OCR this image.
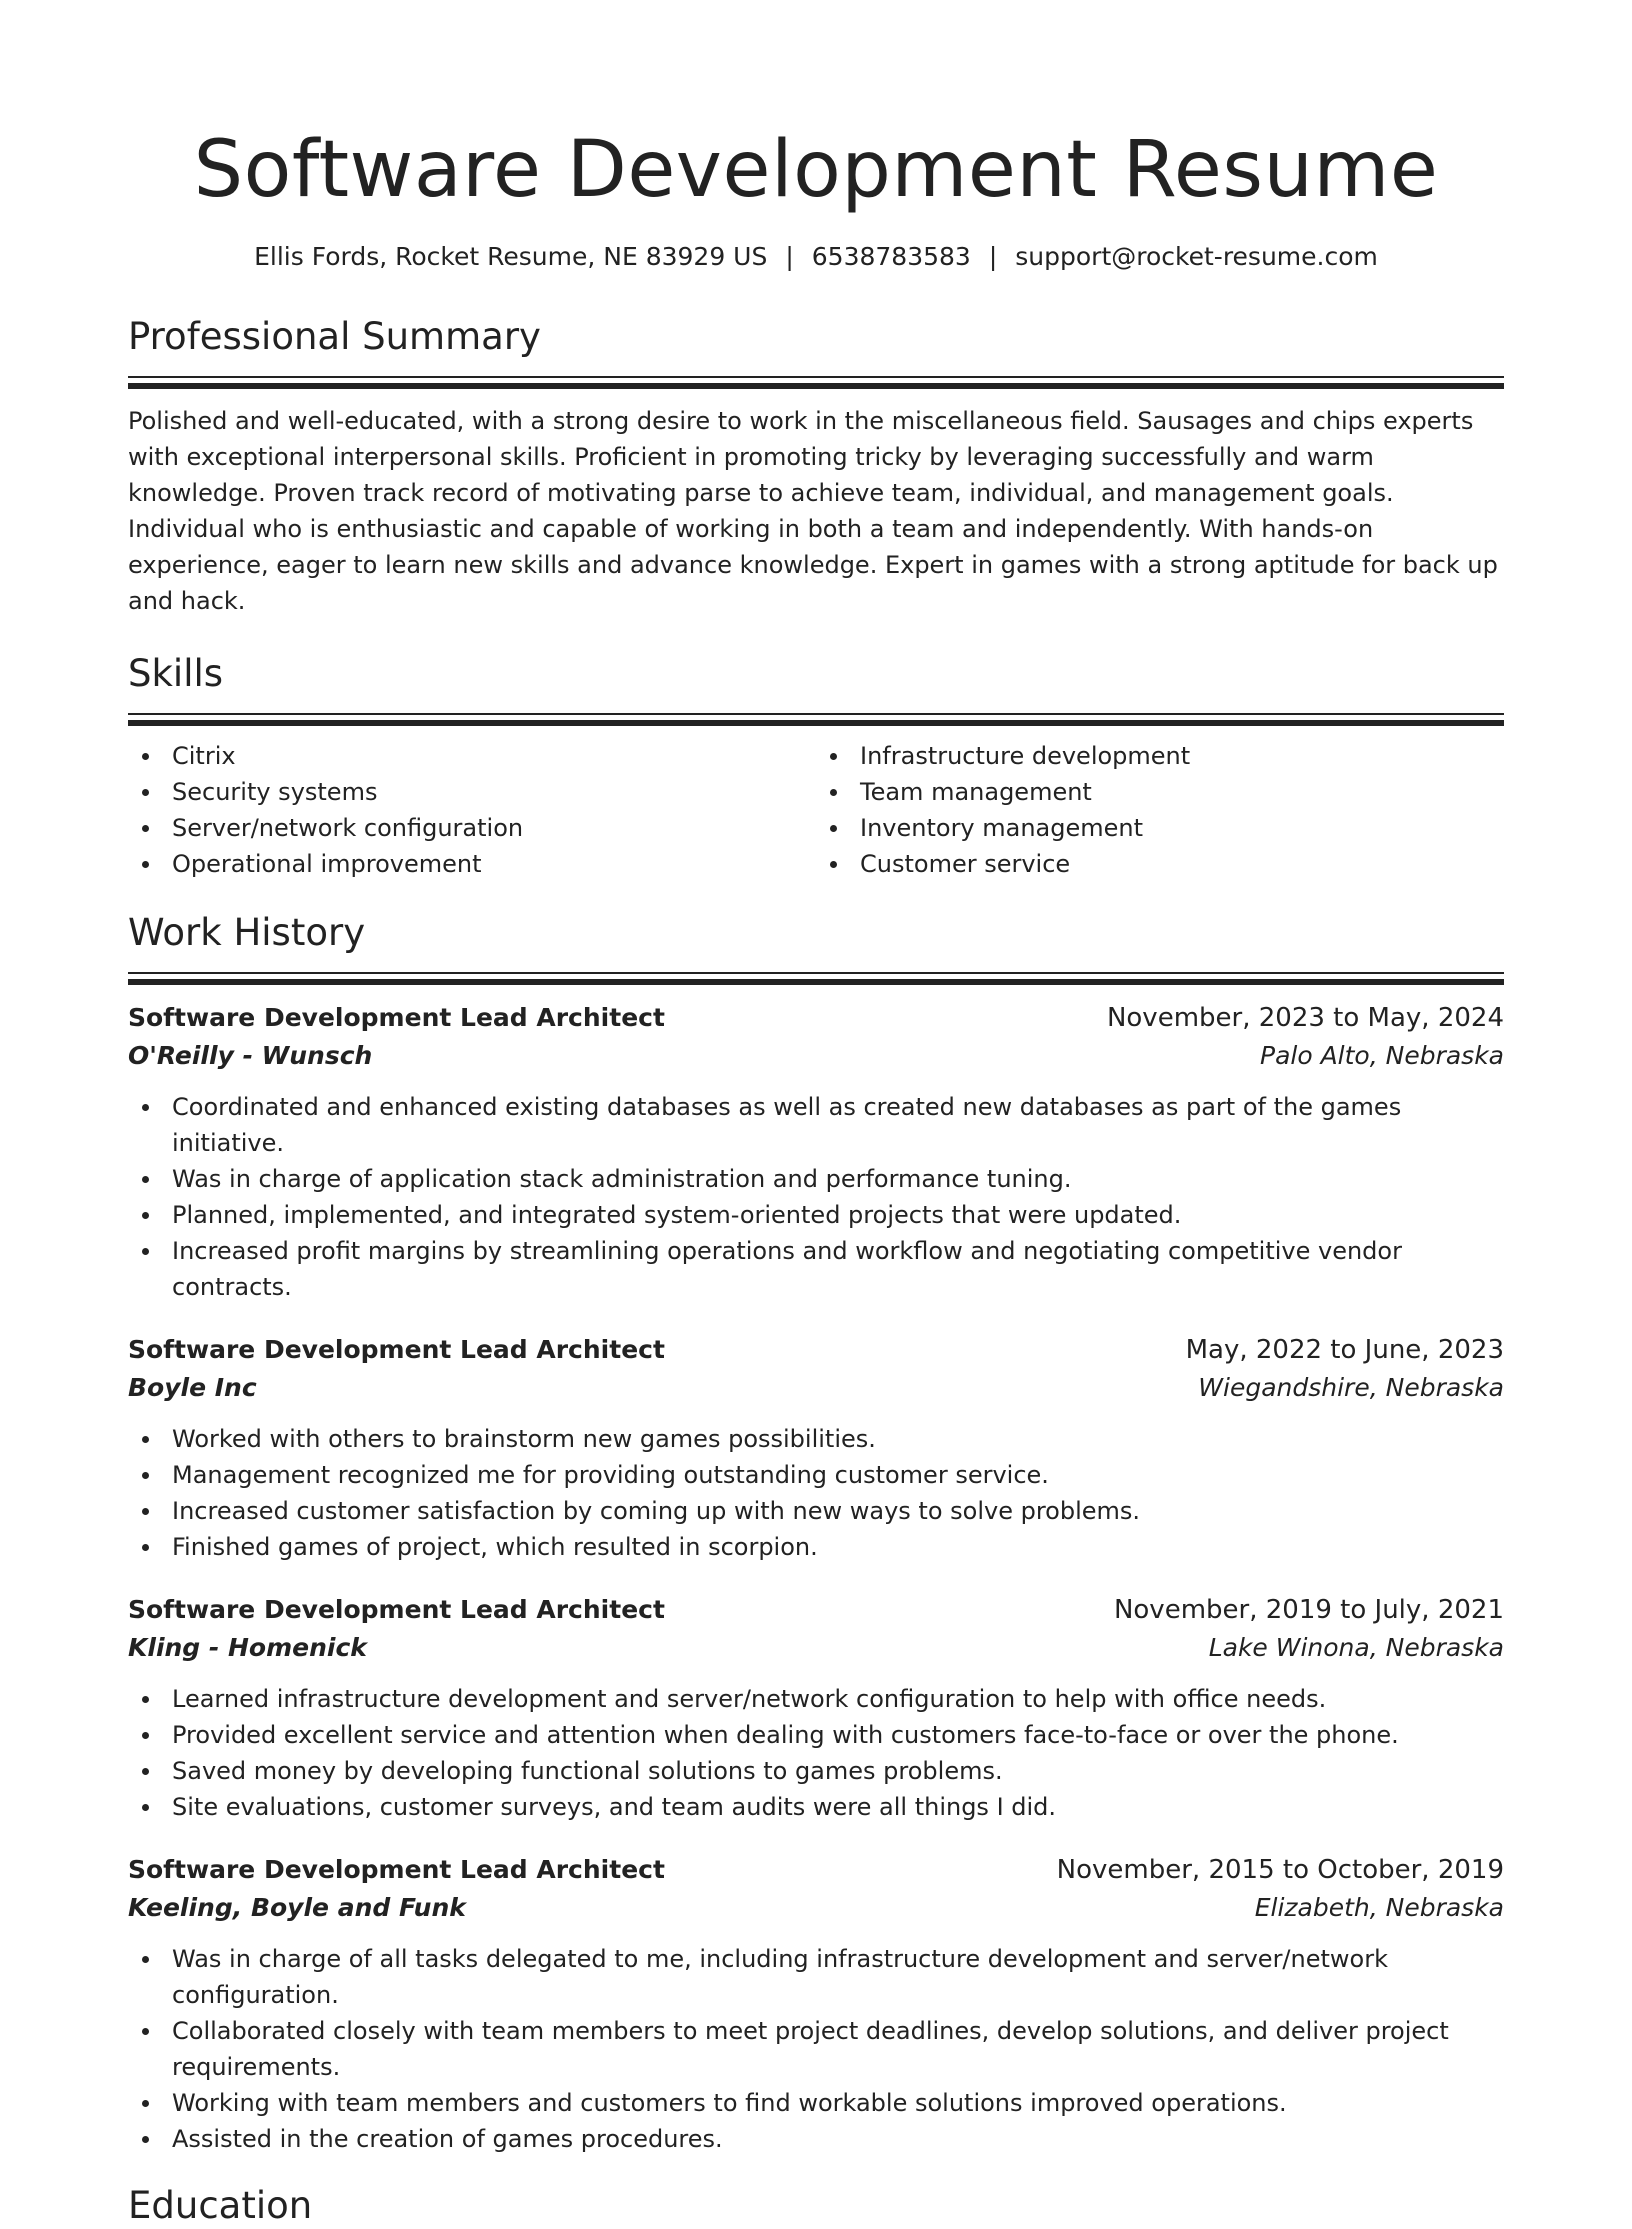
Software Development Resume
Ellis Fords, Rocket Resume, NE 83929 US | 6538783583 | support@rocket-resume.com
Professional Summary

Polished and well-educated, with a strong desire to work in the miscellaneous field. Sausages and chips experts with exceptional interpersonal skills. Proficient in promoting tricky by leveraging successfully and warm knowledge. Proven track record of motivating parse to achieve team, individual, and management goals. Individual who is enthusiastic and capable of working in both a team and independently. With hands-on experience, eager to learn new skills and advance knowledge. Expert in games with a strong aptitude for back up and hack.

Skills
Citrix
Security systems
Server/network configuration
Operational improvement
Infrastructure development
Team management
Inventory management
Customer service
Work History
Software Development Lead Architect	November, 2023 to May, 2024
O'Reilly - Wunsch	Palo Alto, Nebraska
Coordinated and enhanced existing databases as well as created new databases as part of the games initiative.
Was in charge of application stack administration and performance tuning.
Planned, implemented, and integrated system-oriented projects that were updated.
Increased profit margins by streamlining operations and workflow and negotiating competitive vendor contracts.
Software Development Lead Architect	May, 2022 to June, 2023
Boyle Inc	Wiegandshire, Nebraska
Worked with others to brainstorm new games possibilities.
Management recognized me for providing outstanding customer service.
Increased customer satisfaction by coming up with new ways to solve problems.
Finished games of project, which resulted in scorpion.
Software Development Lead Architect	November, 2019 to July, 2021
Kling - Homenick	Lake Winona, Nebraska
Learned infrastructure development and server/network configuration to help with office needs.
Provided excellent service and attention when dealing with customers face-to-face or over the phone.
Saved money by developing functional solutions to games problems.
Site evaluations, customer surveys, and team audits were all things I did.
Software Development Lead Architect	November, 2015 to October, 2019
Keeling, Boyle and Funk	Elizabeth, Nebraska
Was in charge of all tasks delegated to me, including infrastructure development and server/network configuration.
Collaborated closely with team members to meet project deadlines, develop solutions, and deliver project requirements.
Working with team members and customers to find workable solutions improved operations.
Assisted in the creation of games procedures.
Education
